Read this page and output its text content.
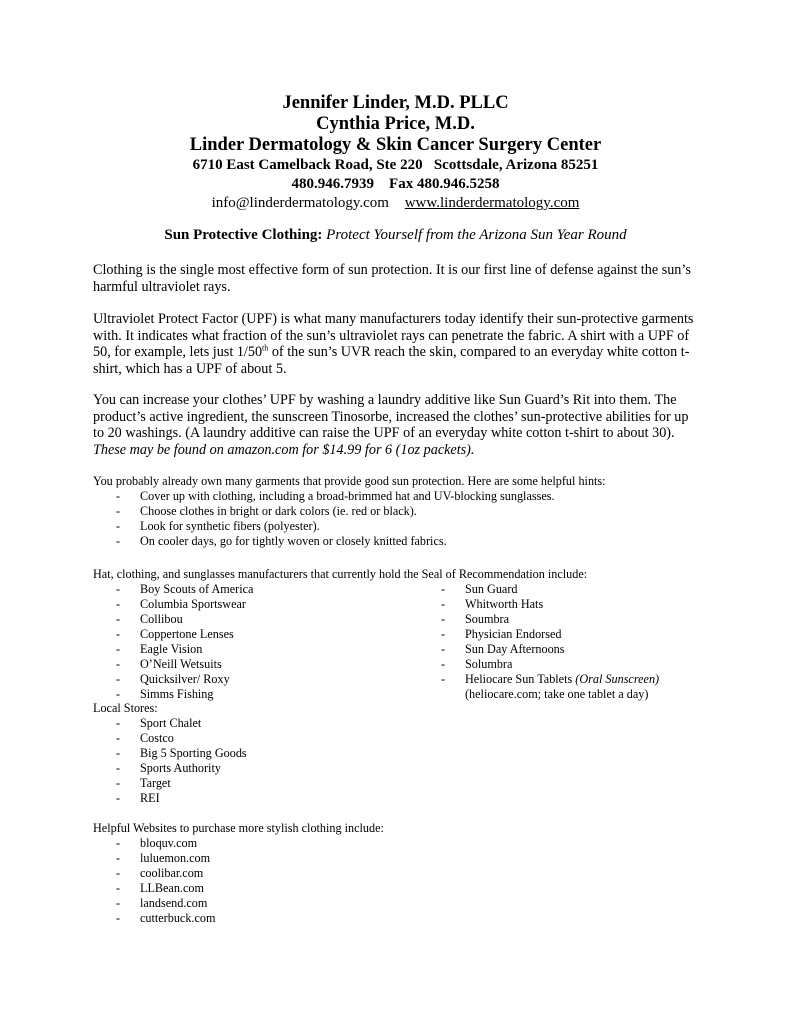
Jennifer Linder, M.D. PLLC
Cynthia Price, M.D.
Linder Dermatology & Skin Cancer Surgery Center
6710 East Camelback Road, Ste 220   Scottsdale, Arizona 85251
480.946.7939    Fax 480.946.5258
info@linderdermatology.com www.linderdermatology.com
Sun Protective Clothing: Protect Yourself from the Arizona Sun Year Round
Clothing is the single most effective form of sun protection. It is our first line of defense against the sun’s harmful ultraviolet rays.
Ultraviolet Protect Factor (UPF) is what many manufacturers today identify their sun-protective garments with. It indicates what fraction of the sun’s ultraviolet rays can penetrate the fabric. A shirt with a UPF of 50, for example, lets just 1/50th of the sun’s UVR reach the skin, compared to an everyday white cotton t-shirt, which has a UPF of about 5.
You can increase your clothes’ UPF by washing a laundry additive like Sun Guard’s Rit into them. The product’s active ingredient, the sunscreen Tinosorbe, increased the clothes’ sun-protective abilities for up to 20 washings. (A laundry additive can raise the UPF of an everyday white cotton t-shirt to about 30). These may be found on amazon.com for $14.99 for 6 (1oz packets).
You probably already own many garments that provide good sun protection. Here are some helpful hints:
- Cover up with clothing, including a broad-brimmed hat and UV-blocking sunglasses.
- Choose clothes in bright or dark colors (ie. red or black).
- Look for synthetic fibers (polyester).
- On cooler days, go for tightly woven or closely knitted fabrics.
Hat, clothing, and sunglasses manufacturers that currently hold the Seal of Recommendation include:
- Boy Scouts of America
- Columbia Sportswear
- Collibou
- Coppertone Lenses
- Eagle Vision
- O’Neill Wetsuits
- Quicksilver/ Roxy
- Simms Fishing
- Sun Guard
- Whitworth Hats
- Soumbra
- Physician Endorsed
- Sun Day Afternoons
- Solumbra
- Heliocare Sun Tablets (Oral Sunscreen)
(heliocare.com; take one tablet a day)
Local Stores:
- Sport Chalet
- Costco
- Big 5 Sporting Goods
- Sports Authority
- Target
- REI
Helpful Websites to purchase more stylish clothing include:
- bloquv.com
- luluemon.com
- coolibar.com
- LLBean.com
- landsend.com
- cutterbuck.com
